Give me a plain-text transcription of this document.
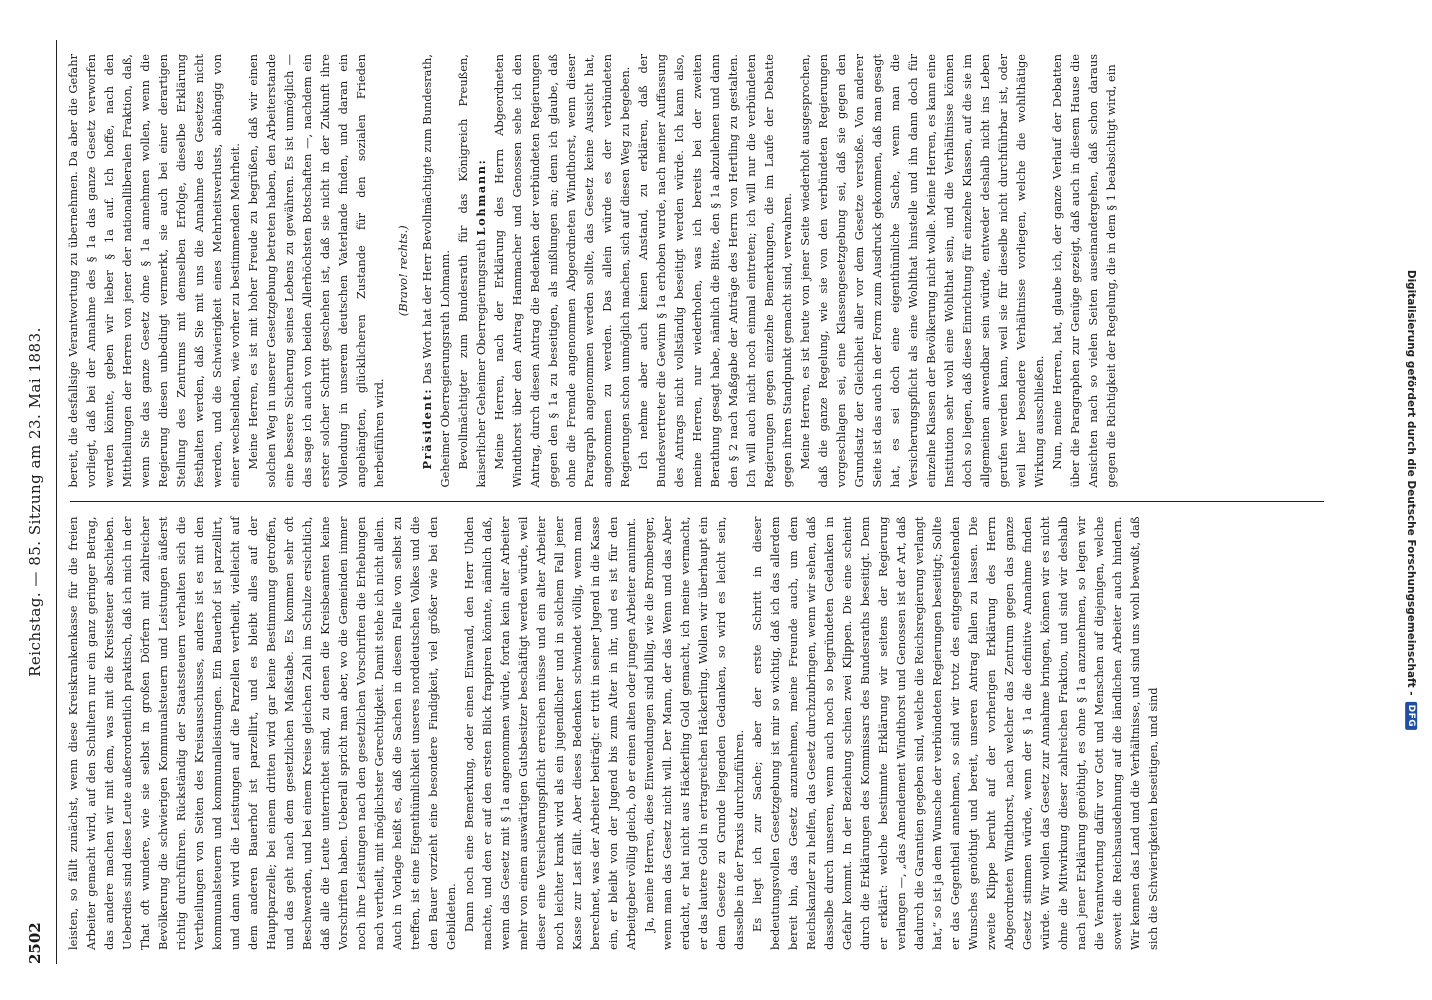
2502
Reichstag. — 85. Sitzung am 23. Mai 1883.

leisten, so fällt zunächst, wenn diese Kreiskrankenkasse für die freien Arbeiter gemacht wird, auf den Schultern nur ein ganz geringer Betrag, das andere machen wir mit dem, was mit die Kreissteuer abschieben. Ueberdies sind diese Leute außerordentlich praktisch, daß ich mich in der That oft wundere, wie sie selbst in großen Dörfern mit zahlreicher Bevölkerung die schwierigen Kommunalsteuern und Leistungen äußerst richtig durchführen. Rückständig der Staatssteuern verhalten sich die Vertheilungen von Seiten des Kreisausschusses, anders ist es mit den kommunalsteuern und kommunalleistungen. Ein Bauerhof ist parzellirt, und dann wird die Leistungen auf die Parzellen vertheilt, vielleicht auf dem anderen Bauerhof ist parzellirt, und es bleibt alles auf der Hauptparzelle; bei einem dritten wird gar keine Bestimmung getroffen, und das geht nach dem gesetzlichen Maßstabe. Es kommen sehr oft Beschwerden, und bei einem Kreise gleichen Zahl im Schulze ersichtlich, daß alle die Leute unterrichtet sind, zu denen die Kreisbeamten keine Vorschriften haben. Ueberall spricht man aber, wo die Gemeinden immer noch ihre Leistungen nach den gesetzlichen Vorschriften die Erhebungen nach vertheilt, mit möglichster Gerechtigkeit. Damit stehe ich nicht allein. Auch in Vorlage heißt es, daß die Sachen in diesem Falle von selbst zu treffen, ist eine Eigenthümlichkeit unseres norddeutschen Volkes und die den Bauer vorzieht eine besondere Findigkeit, viel größer wie bei den Gebildeten. Dann noch eine Bemerkung, oder einen Einwand, den Herr Uhden machte, und den er auf den ersten Blick frappiren könnte, nämlich daß, wenn das Gesetz mit § 1a angenommen würde, fortan kein alter Arbeiter mehr von einem auswärtigen Gutsbesitzer beschäftigt werden würde, weil dieser eine Versicherungspflicht erreichen müsse und ein alter Arbeiter noch leichter krank wird als ein jugendlicher und in solchem Fall jener Kasse zur Last fällt. Aber dieses Bedenken schwindet völlig, wenn man berechnet, was der Arbeiter beiträgt: er tritt in seiner Jugend in die Kasse ein, er bleibt von der Jugend bis zum Alter in ihr, und es ist für den Arbeitgeber völlig gleich, ob er einen alten oder jungen Arbeiter annimmt. Ja, meine Herren, diese Einwendungen sind billig, wie die Bromberger, wenn man das Gesetz nicht will. Der Mann, der das Wenn und das Aber erdacht, er hat nicht aus Häckerling Gold gemacht, ich meine vermacht, er das lautere Gold in ertragreichen Häckerling. Wollen wir überhaupt ein dem Gesetze zu Grunde liegenden Gedanken, so wird es leicht sein, dasselbe in der Praxis durchzuführen. Es liegt ich zur Sache; aber der erste Schritt in dieser bedeutungsvollen Gesetzgebung ist mir so wichtig, daß ich das allerdem bereit bin, das Gesetz anzunehmen, meine Freunde auch, um dem Reichskanzler zu helfen, das Gesetz durchzubringen, wenn wir sehen, daß dasselbe durch unseren, wenn auch noch so begründeten Gedanken in Gefahr kommt. In der Beziehung schien zwei Klippen. Die eine scheint durch die Erklärungen des Kommissars des Bundesraths beseitigt. Denn er erklärt: welche bestimmte Erklärung wir seitens der Regierung verlangen —, „das Amendement Windthorst und Genossen ist der Art, daß dadurch die Garantien gegeben sind, welche die Reichsregierung verlangt hat,“ so ist ja dem Wunsche der verbündeten Regierungen beseitigt; Sollte er das Gegentheil annehmen, so sind wir trotz des entgegenstehenden Wunsches genöthigt und bereit, unseren Antrag fallen zu lassen. Die zweite Klippe beruht auf der vorherigen Erklärung des Herrn Abgeordneten Windthorst, nach welcher das Zentrum gegen das ganze Gesetz stimmen würde, wenn der § 1a die definitive Annahme finden würde. Wir wollen das Gesetz zur Annahme bringen, können wir es nicht ohne die Mitwirkung dieser zahlreichen Fraktion, und sind wir deshalb nach jener Erklärung genöthigt, es ohne § 1a anzunehmen, so legen wir die Verantwortung dafür vor Gott und Menschen auf diejenigen, welche soweit die Reichsausdehnung auf die ländlichen Arbeiter auch hindern. Wir kennen das Land und die Verhältnisse, und sind uns wohl bewußt, daß sich die Schwierigkeiten beseitigen, und sind

bereit, die desfallsige Verantwortung zu übernehmen. Da aber die Gefahr vorliegt, daß bei der Annahme des § 1a das ganze Gesetz verworfen werden könnte, geben wir lieber § 1a auf. Ich hoffe, nach den Mittheilungen der Herren von jener der nationalliberalen Fraktion, daß, wenn Sie das ganze Gesetz ohne § 1a annehmen wollen, wenn die Regierung diesen unbedingt vermerkt, sie auch bei einer derartigen Stellung des Zentrums mit demselben Erfolge, dieselbe Erklärung festhalten werden, daß Sie mit uns die Annahme des Gesetzes nicht werden, und die Schwierigkeit eines Mehrheitsverlusts, abhängig von einer wechselnden, wie vorher zu bestimmenden Mehrheit. Meine Herren, es ist mit hoher Freude zu begrüßen, daß wir einen solchen Weg in unserer Gesetzgebung betreten haben, den Arbeiterstande eine bessere Sicherung seines Lebens zu gewähren. Es ist unmöglich — das sage ich auch von beiden Allerhöchsten Botschaften —, nachdem ein erster solcher Schritt geschehen ist, daß sie nicht in der Zukunft ihre Vollendung in unserem deutschen Vaterlande finden, und daran ein angehängten, glücklicheren Zustande für den sozialen Frieden herbeiführen wird.

(Bravo! rechts.)

Präsident: Das Wort hat der Herr Bevollmächtigte zum Bundesrath, Geheimer Oberregierungsrath Lohmann. Bevollmächtigter zum Bundesrath für das Königreich Preußen, kaiserlicher Geheimer Oberregierungsrath Lohmann: Meine Herren, nach der Erklärung des Herrn Abgeordneten Windthorst über den Antrag Hammacher und Genossen sehe ich den Antrag, durch diesen Antrag die Bedenken der verbündeten Regierungen gegen den § 1a zu beseitigen, als mißlungen an; denn ich glaube, daß ohne die Fremde angenommen Abgeordneten Windthorst, wenn dieser Paragraph angenommen werden sollte, das Gesetz keine Aussicht hat, angenommen zu werden. Das allein würde es der verbündeten Regierungen schon unmöglich machen, sich auf diesen Weg zu begeben. Ich nehme aber auch keinen Anstand, zu erklären, daß der Bundesvertreter die Gewinn § 1a erhoben wurde, nach meiner Auffassung des Antrags nicht vollständig beseitigt werden würde. Ich kann also, meine Herren, nur wiederholen, was ich bereits bei der zweiten Berathung gesagt habe, nämlich die Bitte, den § 1a abzulehnen und dann den § 2 nach Maßgabe der Anträge des Herrn von Hertling zu gestalten. Ich will auch nicht noch einmal eintreten; ich will nur die verbündeten Regierungen gegen einzelne Bemerkungen, die im Laufe der Debatte gegen ihren Standpunkt gemacht sind, verwahren. Meine Herren, es ist heute von jener Seite wiederholt ausgesprochen, daß die ganze Regelung, wie sie von den verbündeten Regierungen vorgeschlagen sei, eine Klassengesetzgebung sei, daß sie gegen den Grundsatz der Gleichheit aller vor dem Gesetze verstoße. Von anderer Seite ist das auch in der Form zum Ausdruck gekommen, daß man gesagt hat, es sei doch eine eigenthümliche Sache, wenn man die Versicherungspflicht als eine Wohlthat hinstelle und ihn dann doch für einzelne Klassen der Bevölkerung nicht wolle. Meine Herren, es kann eine Institution sehr wohl eine Wohlthat sein, und die Verhältnisse können doch so liegen, daß diese Einrichtung für einzelne Klassen, auf die sie im allgemeinen anwendbar sein würde, entweder deshalb nicht ins Leben gerufen werden kann, weil sie für dieselbe nicht durchführbar ist, oder weil hier besondere Verhältnisse vorliegen, welche die wohlthätige Wirkung ausschließen. Nun, meine Herren, hat, glaube ich, der ganze Verlauf der Debatten über die Paragraphen zur Genüge gezeigt, daß auch in diesem Hause die Ansichten nach so vielen Seiten auseinandergehen, daß schon daraus gegen die Richtigkeit der Regelung, die in dem § 1 beabsichtigt wird, ein	Digitalisierung gefördert durch die Deutsche Forschungsgemeinschaft -
DFG
